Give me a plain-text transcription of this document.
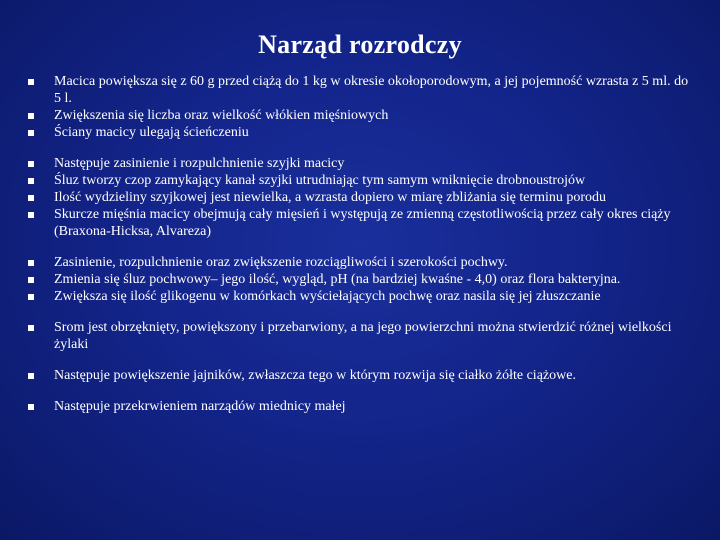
Narząd rozrodczy
Macica powiększa się z 60 g przed ciążą do 1 kg w okresie okołoporodowym, a jej pojemność wzrasta z 5 ml. do 5 l.
Zwiększenia się liczba oraz wielkość włókien mięśniowych
Ściany macicy ulegają ścieńczeniu
Następuje zasinienie i rozpulchnienie szyjki macicy
Śluz tworzy czop zamykający kanał szyjki utrudniając tym samym wniknięcie drobnoustrojów
Ilość wydzieliny szyjkowej jest niewielka, a wzrasta dopiero w miarę zbliżania się terminu porodu
Skurcze mięśnia macicy obejmują cały mięsień i występują ze zmienną częstotliwością przez cały okres ciąży (Braxona-Hicksa, Alvareza)
Zasinienie, rozpulchnienie oraz zwiększenie rozciągliwości i szerokości pochwy.
Zmienia się śluz pochwowy– jego ilość, wygląd, pH (na bardziej kwaśne - 4,0) oraz flora bakteryjna.
Zwiększa się ilość glikogenu w komórkach wyściełających pochwę oraz nasila się jej złuszczanie
Srom jest obrzęknięty, powiększony i przebarwiony, a na jego powierzchni można stwierdzić różnej wielkości żylaki
Następuje powiększenie jajników, zwłaszcza tego w którym rozwija się ciałko żółte ciążowe.
Następuje przekrwieniem narządów miednicy małej
